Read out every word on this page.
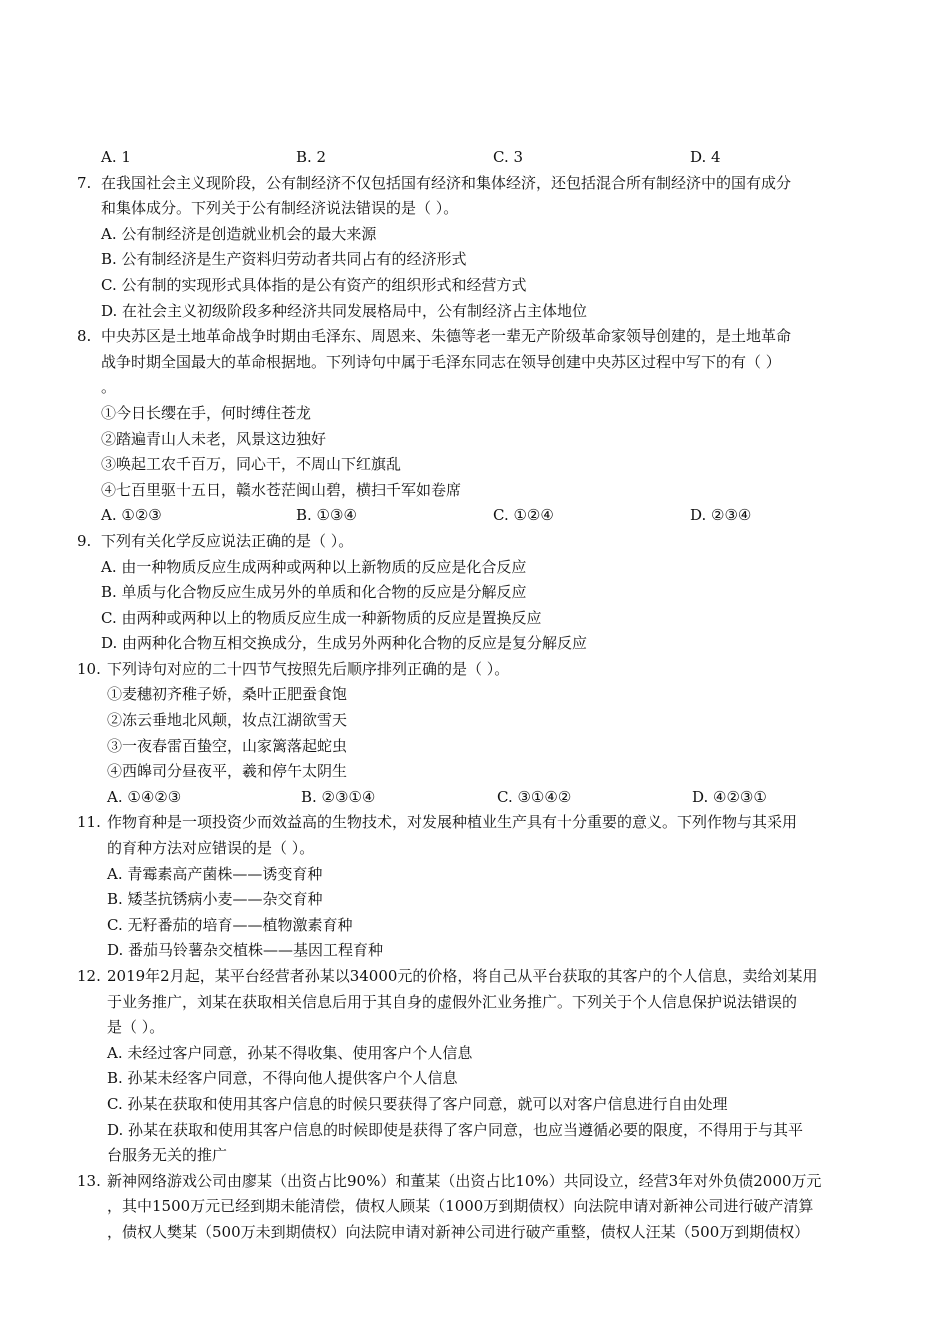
A. 1	B. 2	C. 3	D. 4
7. 在我国社会主义现阶段，公有制经济不仅包括国有经济和集体经济，还包括混合所有制经济中的国有成分
和集体成分。下列关于公有制经济说法错误的是（ ）。
A. 公有制经济是创造就业机会的最大来源
B. 公有制经济是生产资料归劳动者共同占有的经济形式
C. 公有制的实现形式具体指的是公有资产的组织形式和经营方式
D. 在社会主义初级阶段多种经济共同发展格局中，公有制经济占主体地位
8. 中央苏区是土地革命战争时期由毛泽东、周恩来、朱德等老一辈无产阶级革命家领导创建的，是土地革命
战争时期全国最大的革命根据地。下列诗句中属于毛泽东同志在领导创建中央苏区过程中写下的有（ ）
。
①今日长缨在手，何时缚住苍龙
②踏遍青山人未老，风景这边独好
③唤起工农千百万，同心干，不周山下红旗乱
④七百里驱十五日，赣水苍茫闽山碧，横扫千军如卷席
A. ①②③	B. ①③④	C. ①②④	D. ②③④
9. 下列有关化学反应说法正确的是（ ）。
A. 由一种物质反应生成两种或两种以上新物质的反应是化合反应
B. 单质与化合物反应生成另外的单质和化合物的反应是分解反应
C. 由两种或两种以上的物质反应生成一种新物质的反应是置换反应
D. 由两种化合物互相交换成分，生成另外两种化合物的反应是复分解反应
10. 下列诗句对应的二十四节气按照先后顺序排列正确的是（ ）。
①麦穗初齐稚子娇，桑叶正肥蚕食饱
②冻云垂地北风颠，妆点江湖欲雪天
③一夜春雷百蛰空，山家篱落起蛇虫
④西皞司分昼夜平，羲和停午太阴生
A. ①④②③	B. ②③①④	C. ③①④②	D. ④②③①
11. 作物育种是一项投资少而效益高的生物技术，对发展种植业生产具有十分重要的意义。下列作物与其采用
的育种方法对应错误的是（ ）。
A. 青霉素高产菌株——诱变育种
B. 矮茎抗锈病小麦——杂交育种
C. 无籽番茄的培育——植物激素育种
D. 番茄马铃薯杂交植株——基因工程育种
12. 2019年2月起，某平台经营者孙某以34000元的价格，将自己从平台获取的其客户的个人信息，卖给刘某用
于业务推广，刘某在获取相关信息后用于其自身的虚假外汇业务推广。下列关于个人信息保护说法错误的
是（ ）。
A. 未经过客户同意，孙某不得收集、使用客户个人信息
B. 孙某未经客户同意，不得向他人提供客户个人信息
C. 孙某在获取和使用其客户信息的时候只要获得了客户同意，就可以对客户信息进行自由处理
D. 孙某在获取和使用其客户信息的时候即使是获得了客户同意，也应当遵循必要的限度，不得用于与其平
台服务无关的推广
13. 新神网络游戏公司由廖某（出资占比90%）和董某（出资占比10%）共同设立，经营3年对外负债2000万元
，其中1500万元已经到期未能清偿，债权人顾某（1000万到期债权）向法院申请对新神公司进行破产清算
，债权人樊某（500万未到期债权）向法院申请对新神公司进行破产重整，债权人汪某（500万到期债权）
